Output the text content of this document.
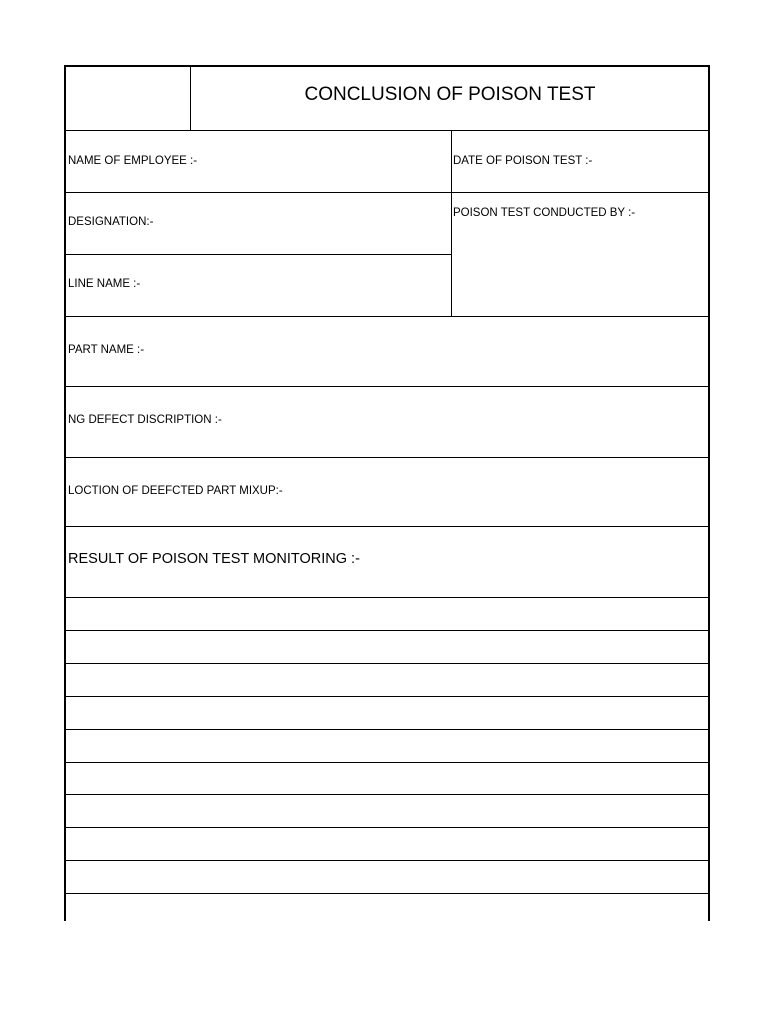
CONCLUSION OF POISON TEST
NAME OF EMPLOYEE :-	DATE OF POISON TEST :-
DESIGNATION:-
POISON TEST CONDUCTED BY :-
LINE NAME :-
PART NAME :-
NG DEFECT DISCRIPTION :-
LOCTION OF DEEFCTED PART MIXUP:-
RESULT OF POISON TEST MONITORING :-
